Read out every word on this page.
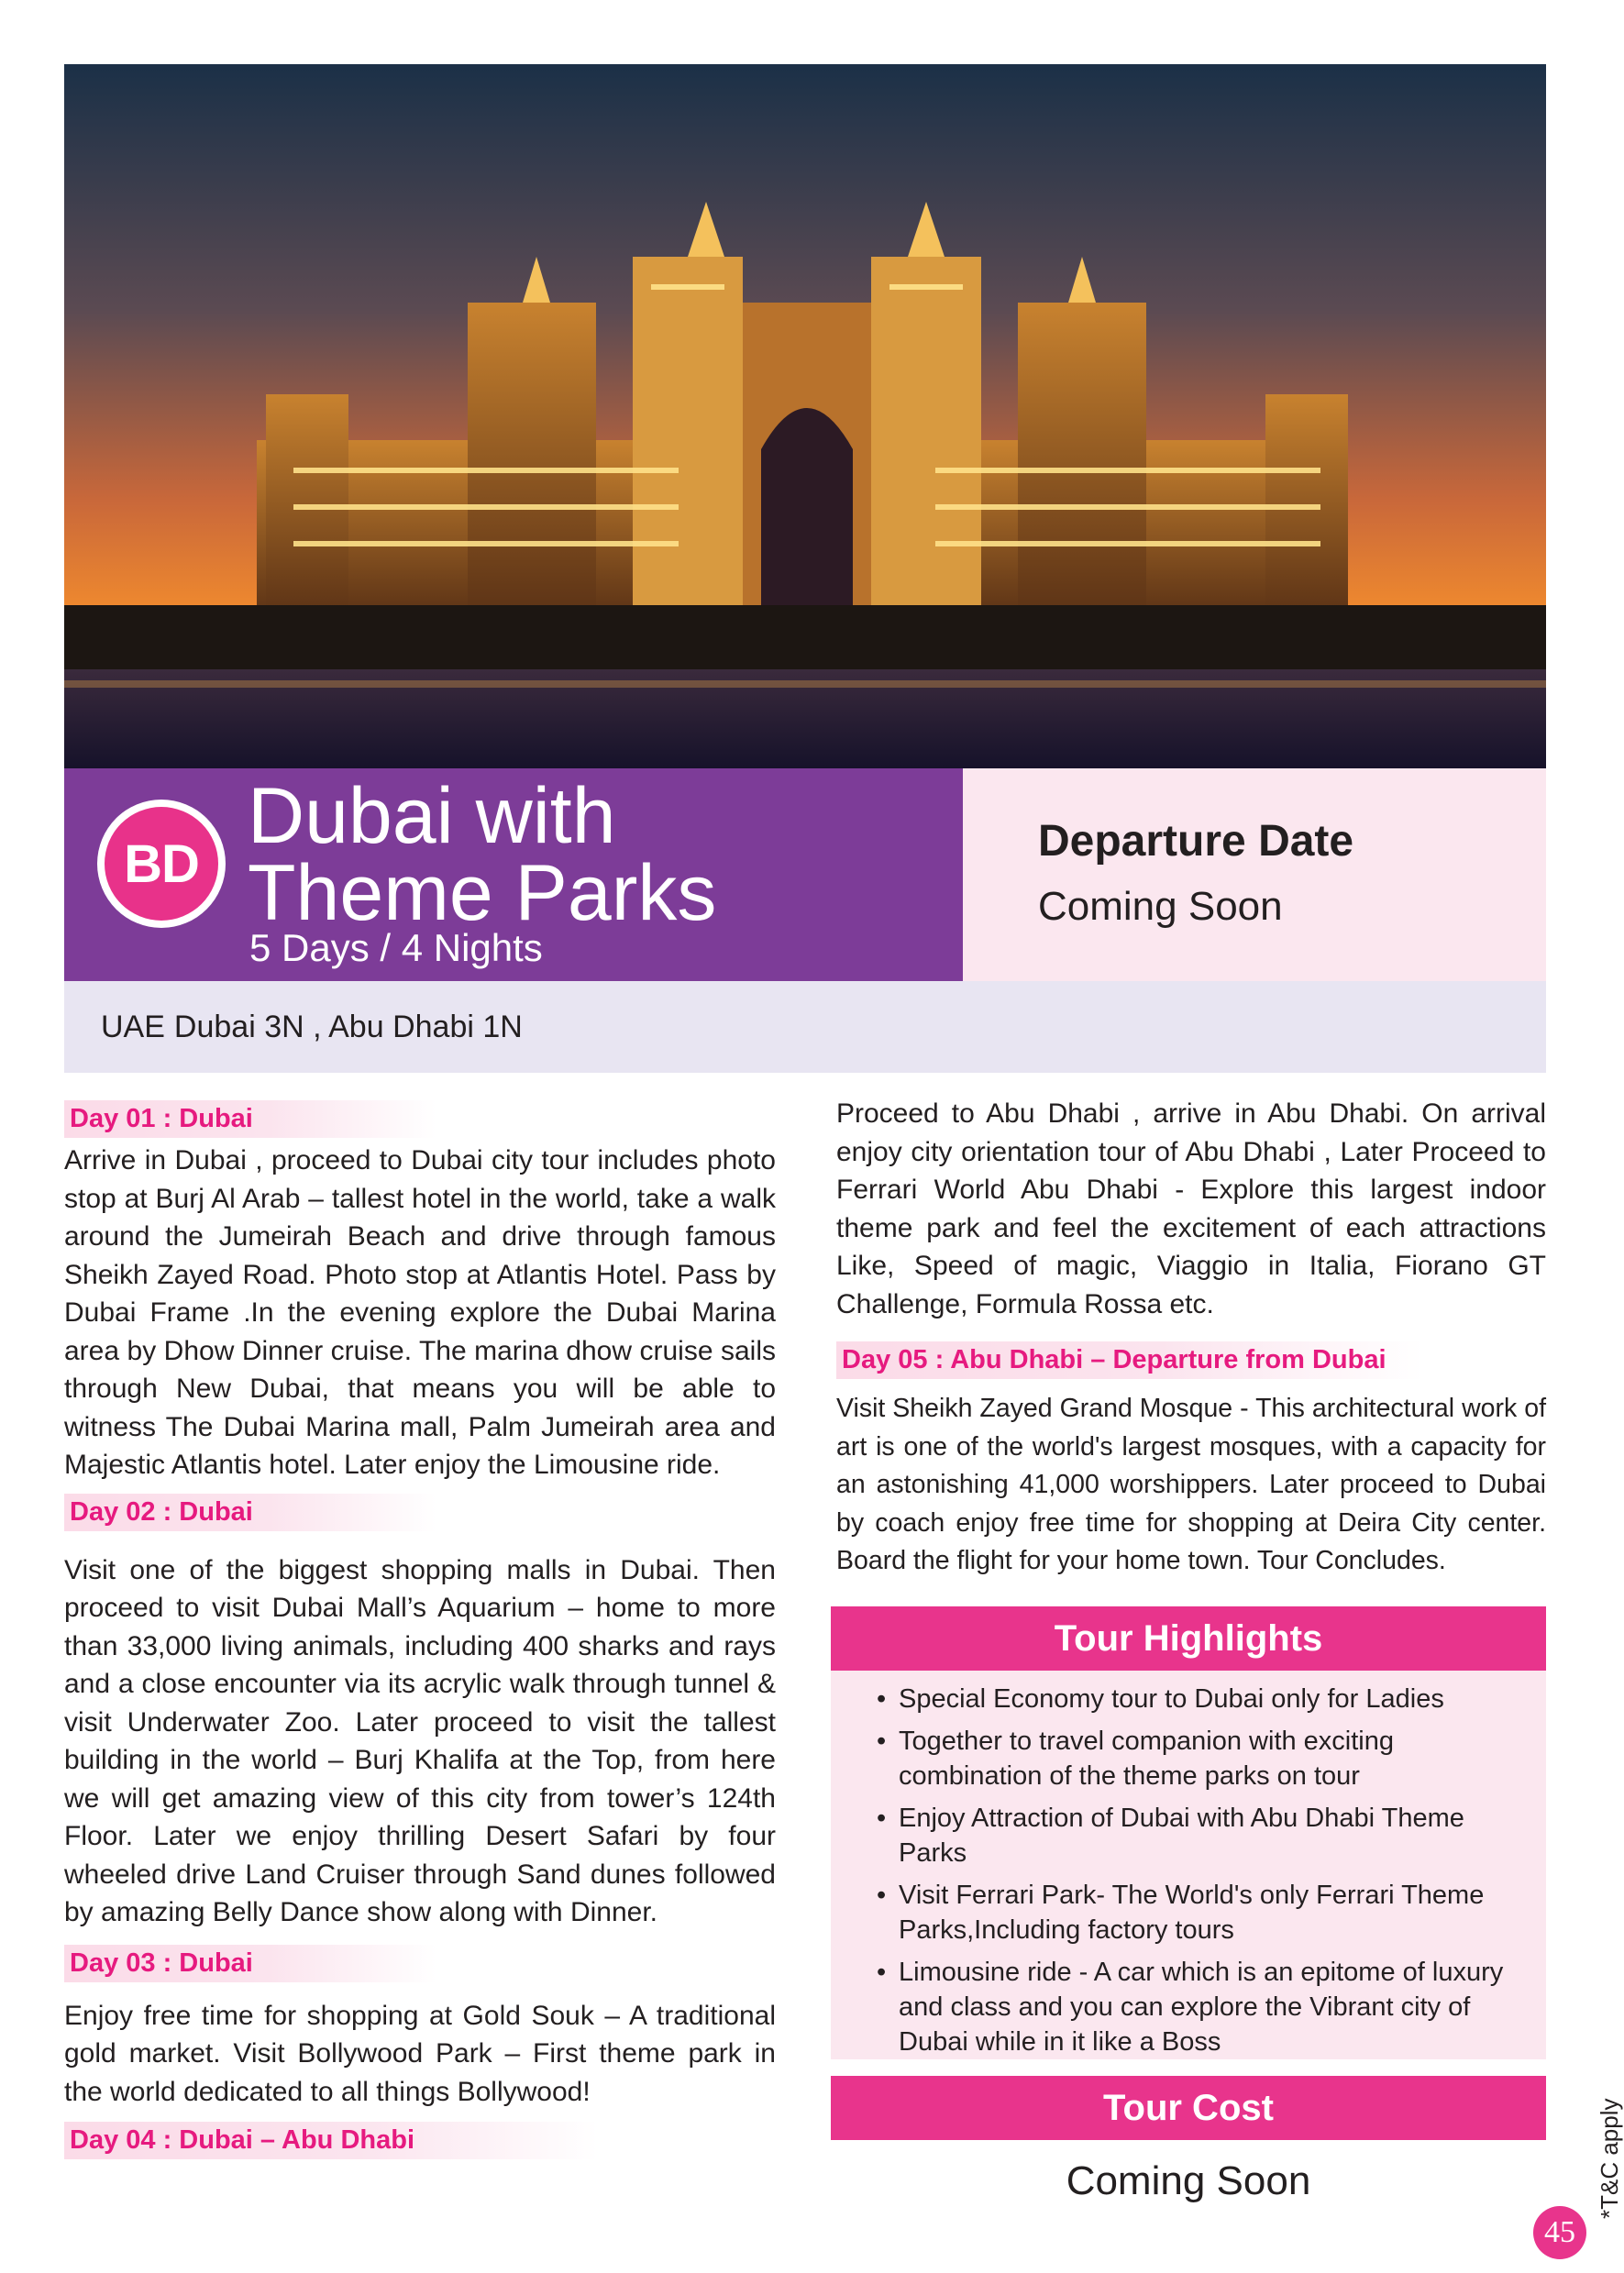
BD
Dubai with
Theme Parks
5 Days / 4 Nights
Departure Date
Coming Soon
UAE Dubai 3N , Abu Dhabi 1N
Day 01 : Dubai

Arrive in Dubai , proceed to Dubai city tour includes photo stop at Burj Al Arab – tallest hotel in the world, take a walk around the Jumeirah Beach and drive through famous Sheikh Zayed Road. Photo stop at Atlantis Hotel. Pass by Dubai Frame .In the evening explore the Dubai Marina area by Dhow Dinner cruise. The marina dhow cruise sails through New Dubai, that means you will be able to witness The Dubai Marina mall, Palm Jumeirah area and Majestic Atlantis hotel. Later enjoy the Limousine ride.

Day 02 : Dubai

Visit one of the biggest shopping malls in Dubai. Then proceed to visit Dubai Mall’s Aquarium – home to more than 33,000 living animals, including 400 sharks and rays and a close encounter via its acrylic walk through tunnel & visit Underwater Zoo. Later proceed to visit the tallest building in the world – Burj Khalifa at the Top, from here we will get amazing view of this city from tower’s 124th Floor. Later we enjoy thrilling Desert Safari by four wheeled drive Land Cruiser through Sand dunes followed by amazing Belly Dance show along with Dinner.

Day 03 : Dubai

Enjoy free time for shopping at Gold Souk – A traditional gold market. Visit Bollywood Park – First theme park in the world dedicated to all things Bollywood!

Day 04 : Dubai – Abu Dhabi

Proceed to Abu Dhabi , arrive in Abu Dhabi. On arrival enjoy city orientation tour of Abu Dhabi , Later Proceed to Ferrari World Abu Dhabi - Explore this largest indoor theme park and feel the excitement of each attractions Like, Speed of magic, Viaggio in Italia, Fiorano GT Challenge, Formula Rossa etc.

Day 05 : Abu Dhabi – Departure from Dubai

Visit Sheikh Zayed Grand Mosque - This architectural work of art is one of the world's largest mosques, with a capacity for an astonishing 41,000 worshippers. Later proceed to Dubai by coach enjoy free time for shopping at Deira City center. Board the flight for your home town. Tour Concludes.

Tour Highlights
• Special Economy tour to Dubai only for Ladies
• Together to travel companion with exciting combination of the theme parks on tour
• Enjoy Attraction of Dubai with Abu Dhabi Theme Parks
• Visit Ferrari Park- The World's only Ferrari Theme Parks,Including factory tours
• Limousine ride - A car which is an epitome of luxury and class and you can explore the Vibrant city of Dubai while in it like a Boss
Tour Cost
Coming Soon	*T&C apply
45
